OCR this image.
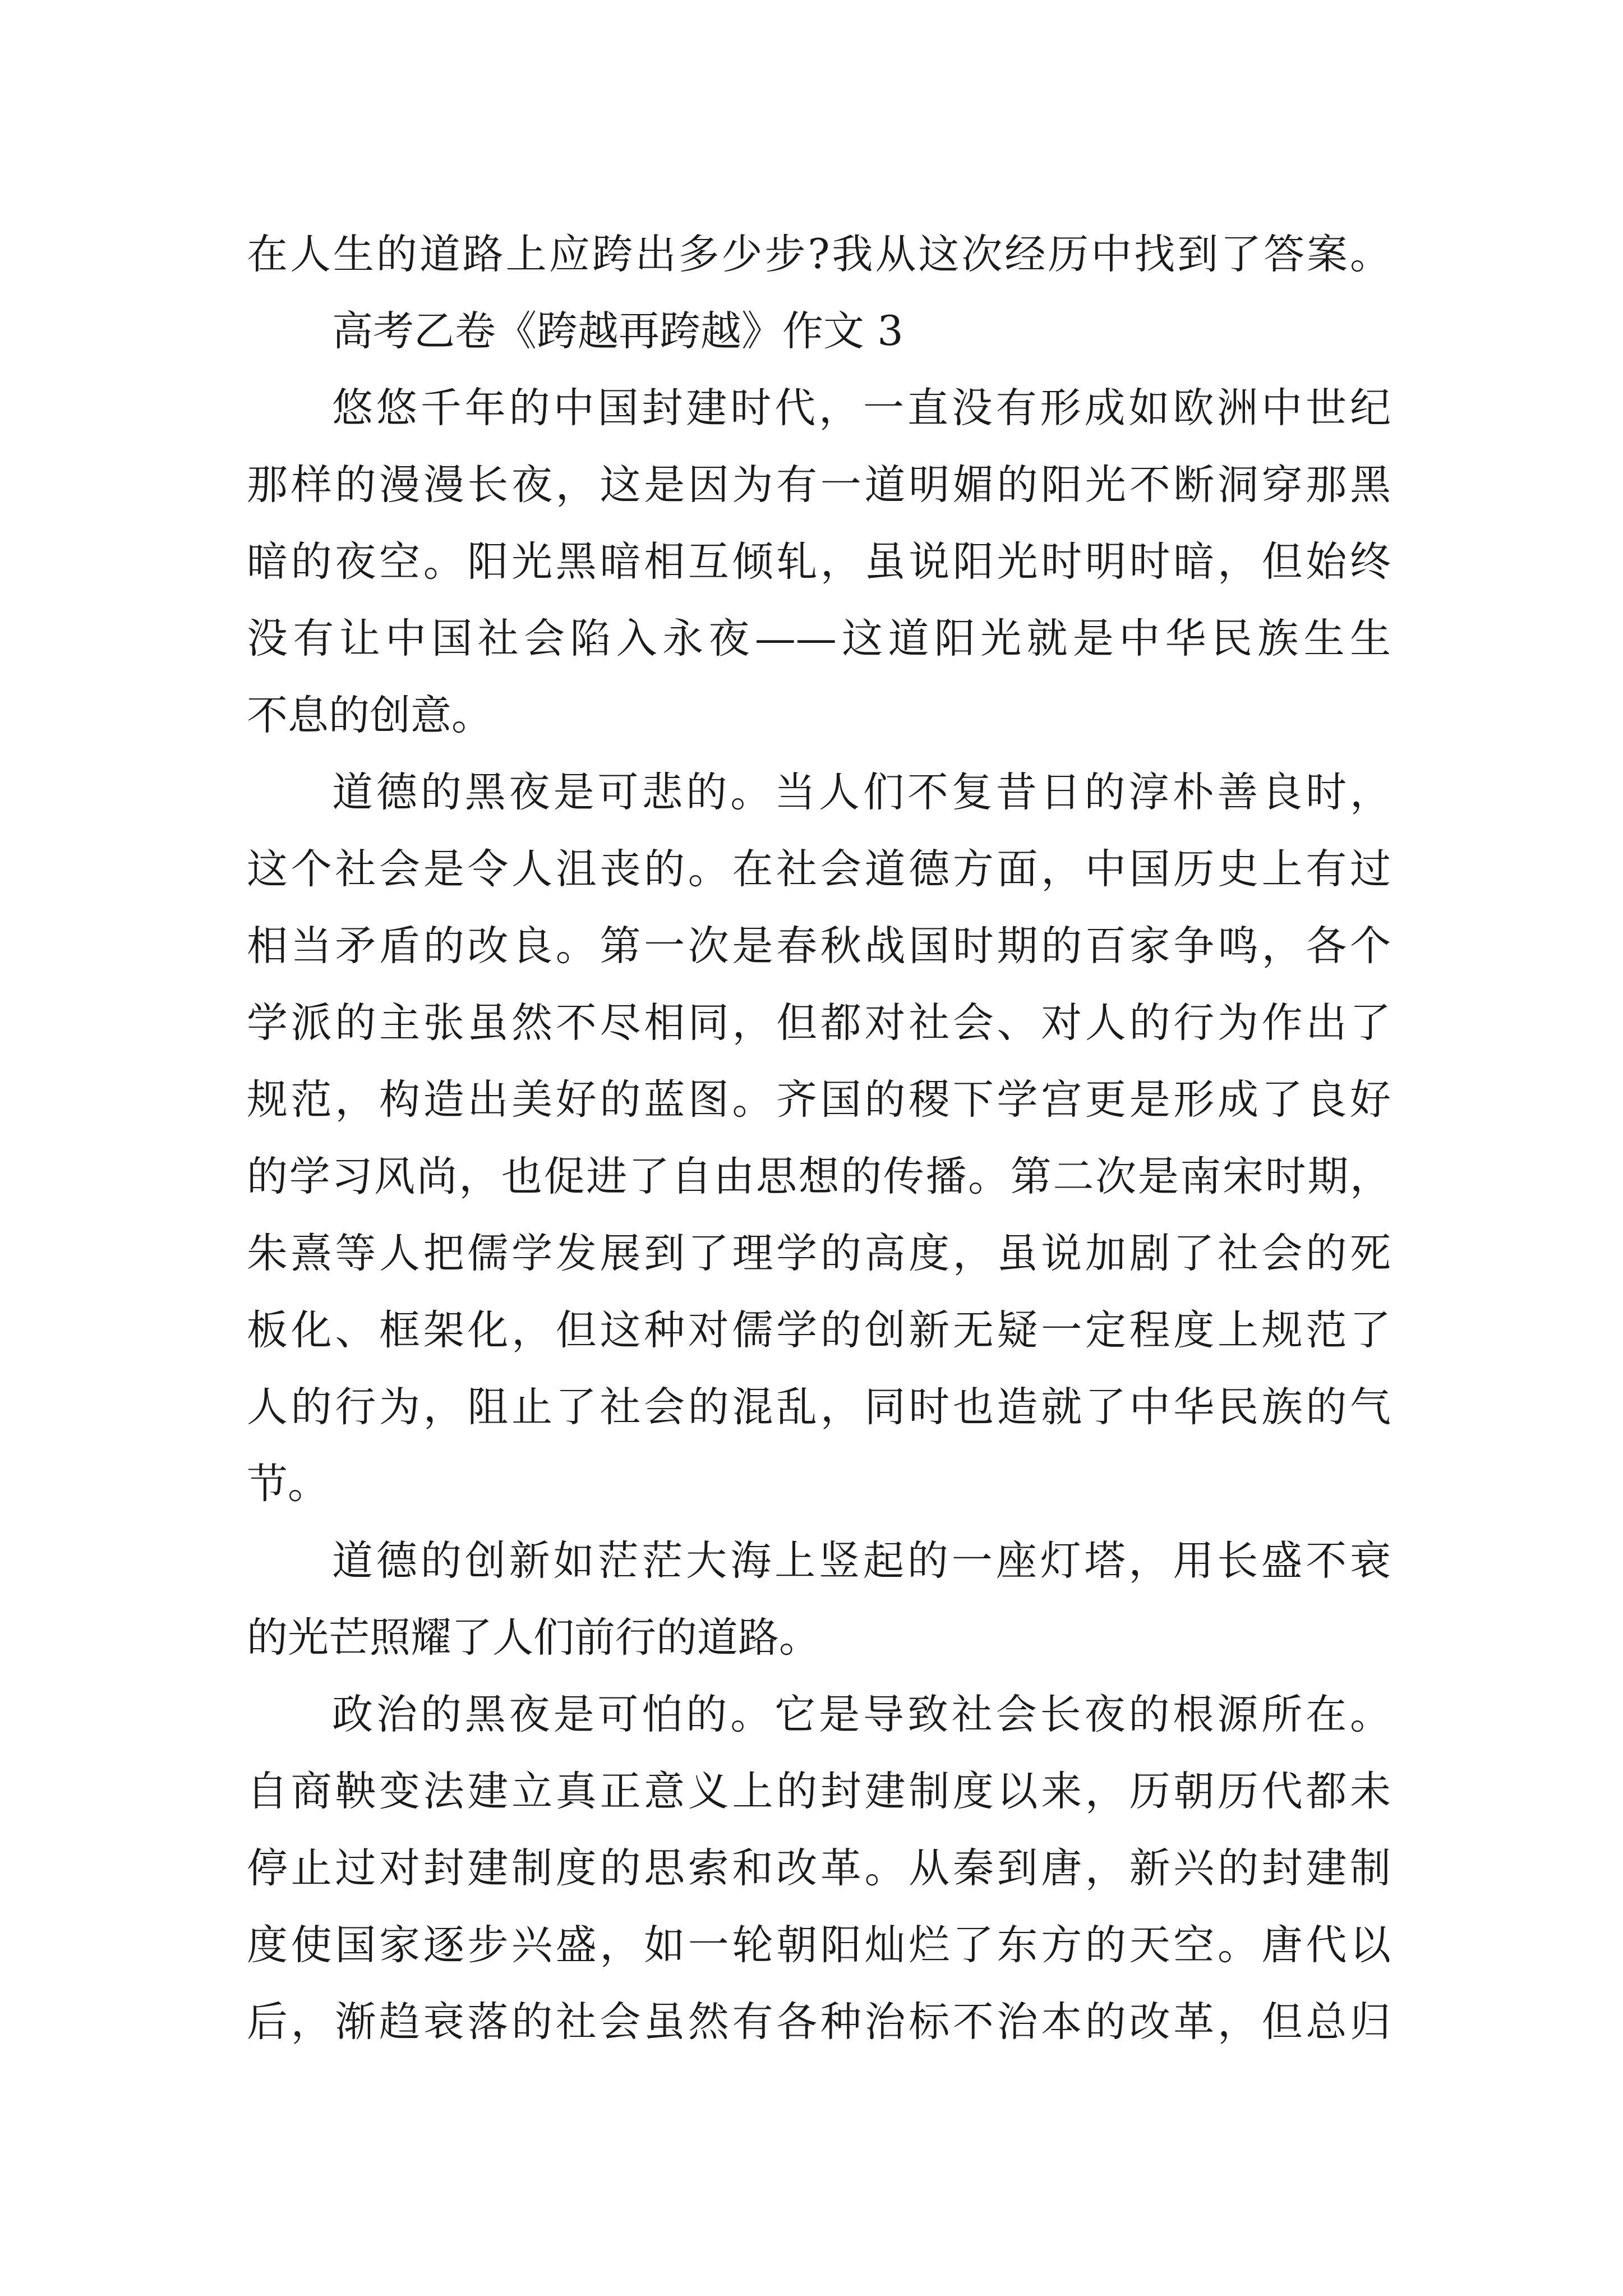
在人生的道路上应跨出多少步?我从这次经历中找到了答案。
高考乙卷《跨越再跨越》作文 3
悠悠千年的中国封建时代，一直没有形成如欧洲中世纪
那样的漫漫长夜，这是因为有一道明媚的阳光不断洞穿那黑
暗的夜空。阳光黑暗相互倾轧，虽说阳光时明时暗，但始终
没有让中国社会陷入永夜——这道阳光就是中华民族生生
不息的创意。
道德的黑夜是可悲的。当人们不复昔日的淳朴善良时，
这个社会是令人沮丧的。在社会道德方面，中国历史上有过
相当矛盾的改良。第一次是春秋战国时期的百家争鸣，各个
学派的主张虽然不尽相同，但都对社会、对人的行为作出了
规范，构造出美好的蓝图。齐国的稷下学宫更是形成了良好
的学习风尚，也促进了自由思想的传播。第二次是南宋时期，
朱熹等人把儒学发展到了理学的高度，虽说加剧了社会的死
板化、框架化，但这种对儒学的创新无疑一定程度上规范了
人的行为，阻止了社会的混乱，同时也造就了中华民族的气
节。
道德的创新如茫茫大海上竖起的一座灯塔，用长盛不衰
的光芒照耀了人们前行的道路。
政治的黑夜是可怕的。它是导致社会长夜的根源所在。
自商鞅变法建立真正意义上的封建制度以来，历朝历代都未
停止过对封建制度的思索和改革。从秦到唐，新兴的封建制
度使国家逐步兴盛，如一轮朝阳灿烂了东方的天空。唐代以
后，渐趋衰落的社会虽然有各种治标不治本的改革，但总归
